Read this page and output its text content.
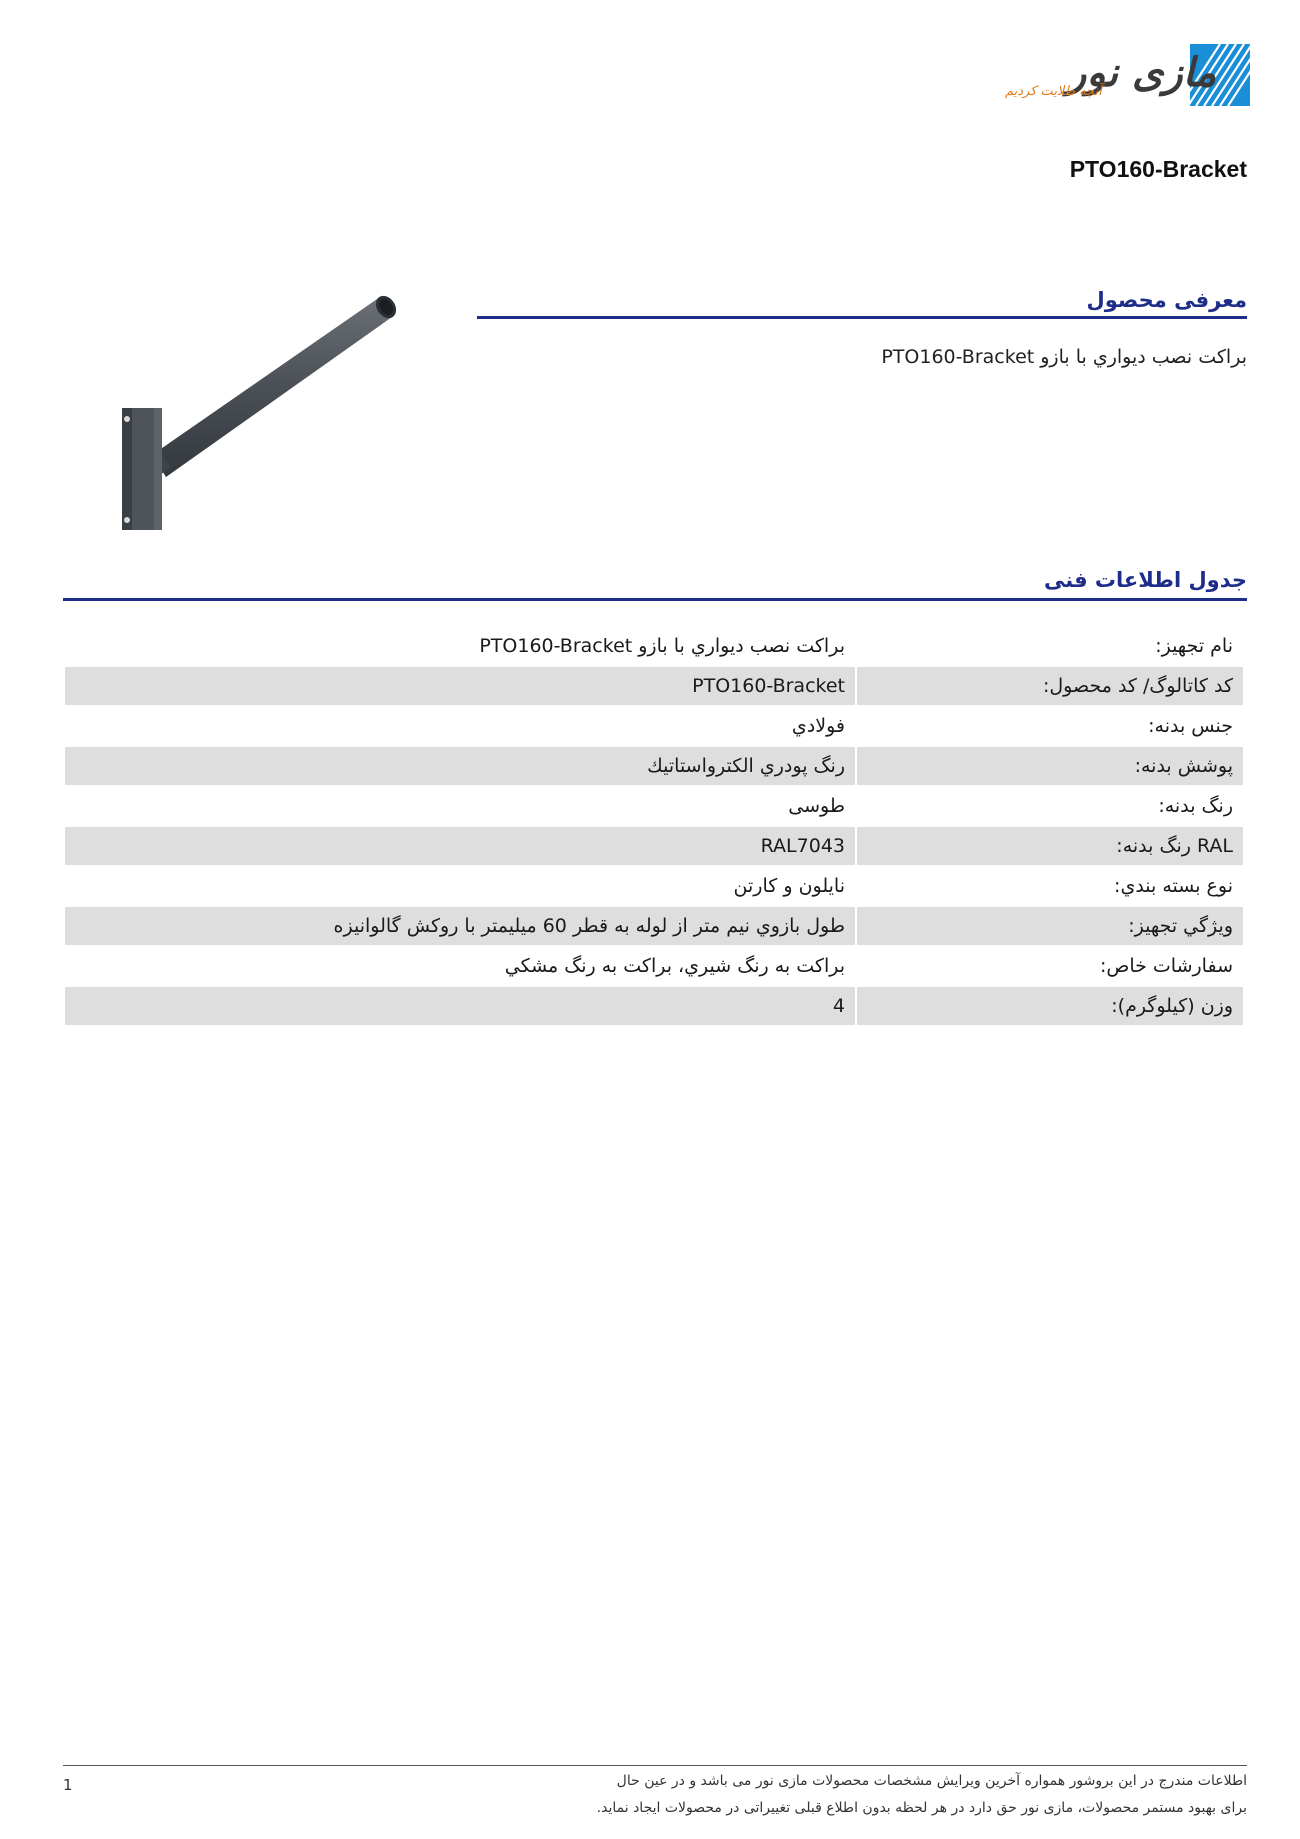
مازی نور
آنچه طلایت کردیم
PTO160-Bracket
معرفی محصول
براكت نصب ديواري با بازو PTO160-Bracket
جدول اطلاعات فنی
نام تجهیز:	براكت نصب ديواري با بازو PTO160-Bracket
کد کاتالوگ/ کد محصول:	PTO160-Bracket
جنس بدنه:	فولادي
پوشش بدنه:	رنگ پودري الكترواستاتيك
رنگ بدنه:	طوسی
RAL رنگ بدنه:	RAL7043
نوع بسته بندي:	نايلون و كارتن
ویژگي تجهیز:	طول بازوي نيم متر از لوله به قطر 60 ميليمتر با روكش گالوانيزه
سفارشات خاص:	براكت به رنگ شيري، براكت به رنگ مشكي
وزن (کیلوگرم):	4
اطلاعات مندرج در این بروشور همواره آخرین ویرایش مشخصات محصولات مازی نور می باشد و در عین حال
برای بهبود مستمر محصولات، مازی نور حق دارد در هر لحظه بدون اطلاع قبلی تغییراتی در محصولات ایجاد نماید.
1
